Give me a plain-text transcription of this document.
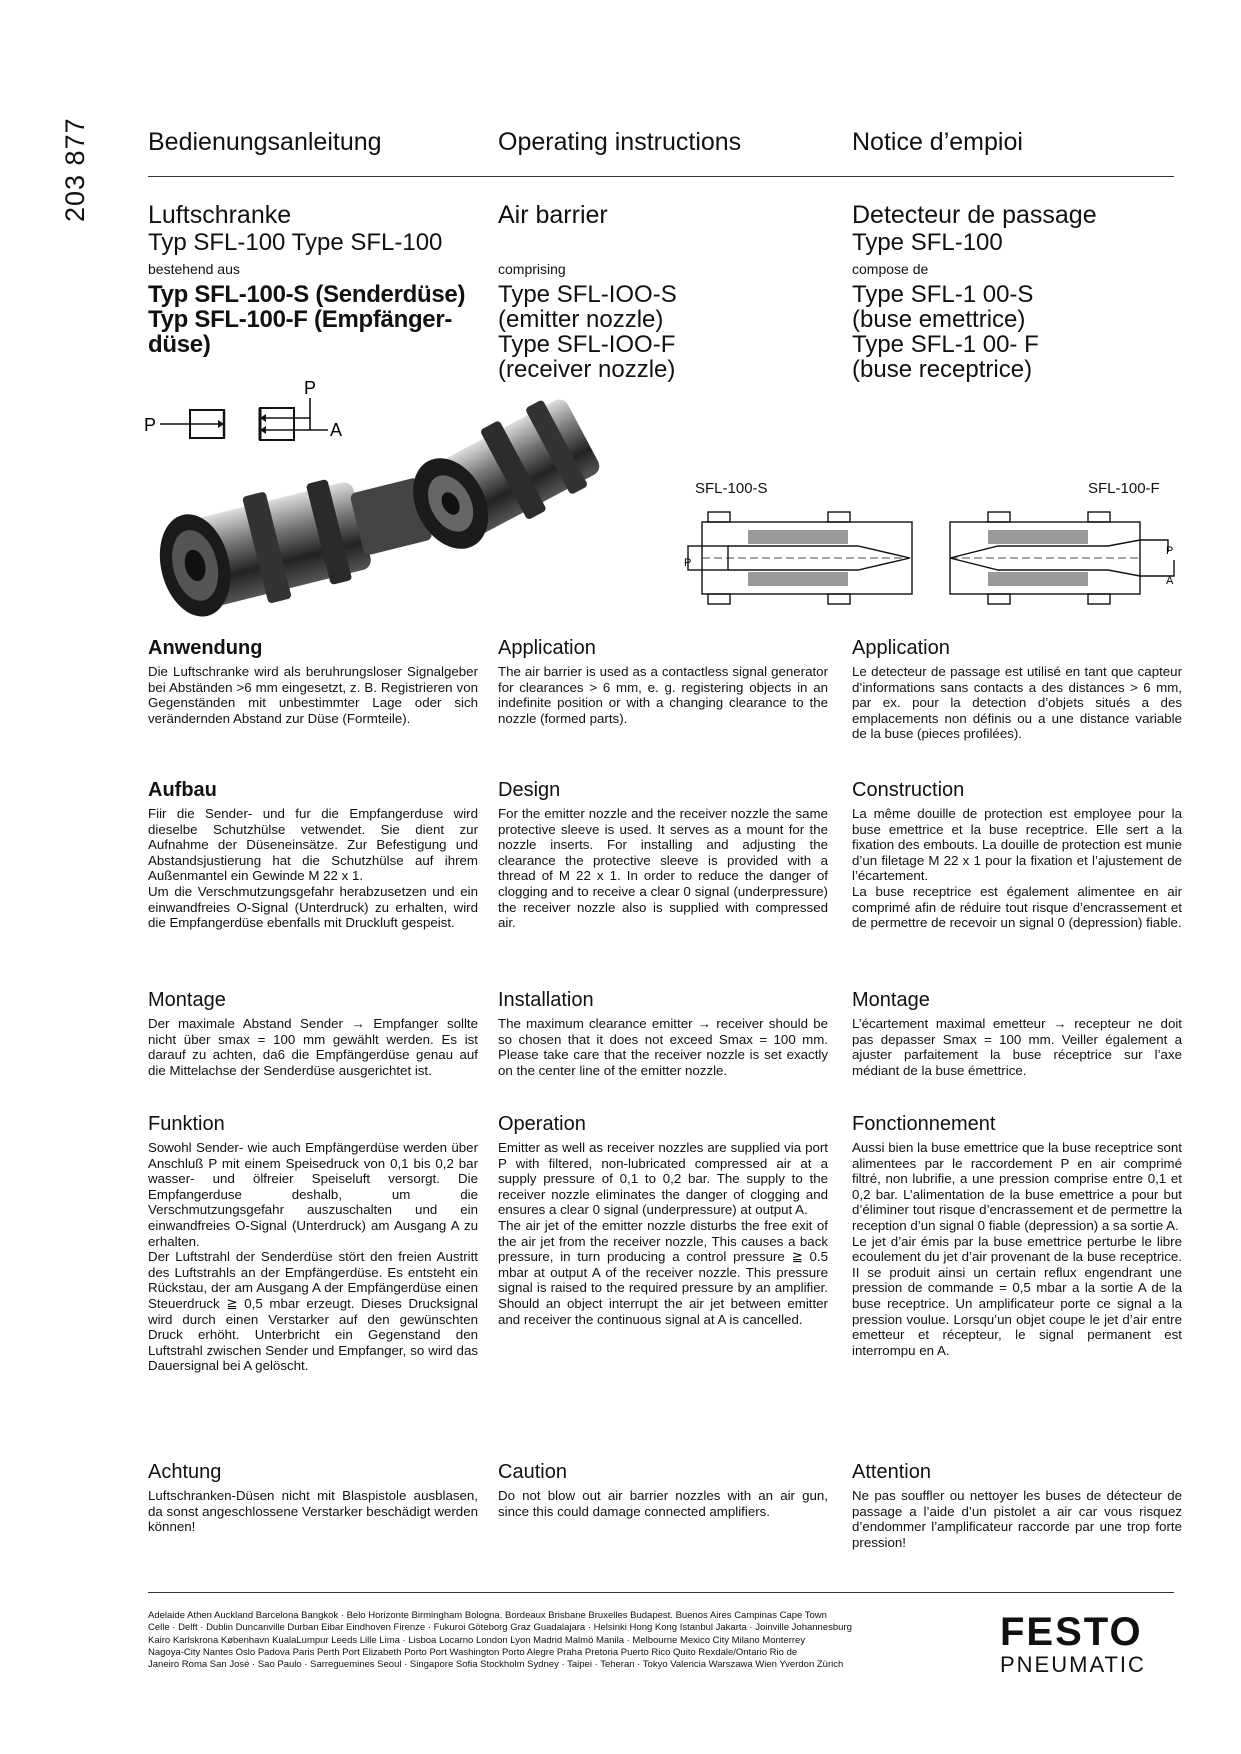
203 877 Bedienungsanleitung	Operating instructions	Notice d’empioi
Luftschranke
Typ SFL-100 Type SFL-100
bestehend aus
Typ SFL-100-S (Senderdüse)
Typ SFL-100-F (Empfänger-
düse)
Air barrier
comprising
Type SFL-IOO-S
(emitter nozzle)
Type SFL-IOO-F
(receiver nozzle)
Detecteur de passage
Type SFL-100
compose de
Type SFL-1 00-S
(buse emettrice)
Type SFL-1 00- F
(buse receptrice)
P
P
A
SFL-100-S	SFL-100-F
P
P
A
Anwendung

Die Luftschranke wird als beruhrungsloser Signalgeber bei Abständen >6 mm eingesetzt, z. B. Registrieren von Gegenständen mit unbestimmter Lage oder sich verändernden Abstand zur Düse (Formteile).

Application

The air barrier is used as a contactless signal generator for clearances > 6 mm, e. g. registering objects in an indefinite position or with a changing clearance to the nozzle (formed parts).

Application

Le detecteur de passage est utilisé en tant que capteur d’informations sans contacts a des distances > 6 mm, par ex. pour la detection d’objets situés a des emplacements non définis ou a une distance variable de la buse (pieces profilées).

Aufbau

Fiir die Sender- und fur die Empfangerduse wird dieselbe Schutzhülse vetwendet. Sie dient zur Aufnahme der Düseneinsätze. Zur Befestigung und Abstandsjustierung hat die Schutzhülse auf ihrem Außenmantel ein Gewinde M 22 x 1.

Um die Verschmutzungsgefahr herabzusetzen und ein einwandfreies O-Signal (Unterdruck) zu erhalten, wird die Empfangerdüse ebenfalls mit Druckluft gespeist.

Design

For the emitter nozzle and the receiver nozzle the same protective sleeve is used. It serves as a mount for the nozzle inserts. For installing and adjusting the clearance the protective sleeve is provided with a thread of M 22 x 1. In order to reduce the danger of clogging and to receive a clear 0 signal (underpressure) the receiver nozzle also is supplied with compressed air.

Construction

La même douille de protection est employee pour la buse emettrice et la buse receptrice. Elle sert a la fixation des embouts. La douille de protection est munie d’un filetage M 22 x 1 pour la fixation et l’ajustement de l’écartement.

La buse receptrice est également alimentee en air comprimé afin de réduire tout risque d’encrassement et de permettre de recevoir un signal 0 (depression) fiable.

Montage

Der maximale Abstand Sender → Empfanger sollte nicht über smax = 100 mm gewählt werden. Es ist darauf zu achten, da6 die Empfängerdüse genau auf die Mittelachse der Senderdüse ausgerichtet ist.

Installation

The maximum clearance emitter → receiver should be so chosen that it does not exceed Smax = 100 mm. Please take care that the receiver nozzle is set exactly on the center line of the emitter nozzle.

Montage

L’écartement maximal emetteur → recepteur ne doit pas depasser Smax = 100 mm. Veiller également a ajuster parfaitement la buse réceptrice sur l’axe médiant de la buse émettrice.

Funktion

Sowohl Sender- wie auch Empfängerdüse werden über Anschluß P mit einem Speisedruck von 0,1 bis 0,2 bar wasser- und ölfreier Speiseluft versorgt. Die Empfangerduse deshalb, um die Verschmutzungsgefahr auszuschalten und ein einwandfreies O-Signal (Unterdruck) am Ausgang A zu erhalten.

Der Luftstrahl der Senderdüse stört den freien Austritt des Luftstrahls an der Empfängerdüse. Es entsteht ein Rückstau, der am Ausgang A der Empfängerdüse einen Steuerdruck ≧ 0,5 mbar erzeugt. Dieses Drucksignal wird durch einen Verstarker auf den gewünschten Druck erhöht. Unterbricht ein Gegenstand den Luftstrahl zwischen Sender und Empfanger, so wird das Dauersignal bei A gelöscht.

Operation

Emitter as well as receiver nozzles are supplied via port P with filtered, non-lubricated compressed air at a supply pressure of 0,1 to 0,2 bar. The supply to the receiver nozzle eliminates the danger of clogging and ensures a clear 0 signal (underpressure) at output A.

The air jet of the emitter nozzle disturbs the free exit of the air jet from the receiver nozzle, This causes a back pressure, in turn producing a control pressure ≧ 0.5 mbar at output A of the receiver nozzle. This pressure signal is raised to the required pressure by an amplifier. Should an object interrupt the air jet between emitter and receiver the continuous signal at A is cancelled.

Fonctionnement

Aussi bien la buse emettrice que la buse receptrice sont alimentees par le raccordement P en air comprimé filtré, non lubrifie, a une pression comprise entre 0,1 et 0,2 bar. L’alimentation de la buse emettrice a pour but d’éliminer tout risque d’encrassement et de permettre la reception d’un signal 0 fiable (depression) a sa sortie A.

Le jet d’air émis par la buse emettrice perturbe le libre ecoulement du jet d’air provenant de la buse receptrice. II se produit ainsi un certain reflux engendrant une pression de commande = 0,5 mbar a la sortie A de la buse receptrice. Un amplificateur porte ce signal a la pression voulue. Lorsqu’un objet coupe le jet d’air entre emetteur et récepteur, le signal permanent est interrompu en A.

Achtung

Luftschranken-Düsen nicht mit Blaspistole ausblasen, da sonst angeschlossene Verstarker beschädigt werden können!

Caution

Do not blow out air barrier nozzles with an air gun, since this could damage connected amplifiers.

Attention

Ne pas souffler ou nettoyer les buses de détecteur de passage a l’aide d’un pistolet a air car vous risquez d’endommer l’amplificateur raccorde par une trop forte pression!

Adelaide Athen Auckland Barcelona Bangkok · Belo Horizonte Birmingham Bologna. Bordeaux Brisbane Bruxelles Budapest. Buenos Aires Campinas Cape Town
Celle · Delft · Dublin Duncanville Durban Eibar Eindhoven Firenze · Fukuroi Göteborg Graz Guadalajara · Helsinki Hong Kong Istanbul Jakarta · Joinville Johannesburg
Kairo Karlskrona København KualaLumpur Leeds Lille Lima · Lisboa Locarno London Lyon Madrid Malmö Manila · Melbourne Mexico City Milano Monterrey
Nagoya-City Nantes Oslo Padova Paris Perth Port Elizabeth Porto Port Washington Porto Alegre Praha Pretoria Puerto Rico Quito Rexdale/Ontario Rio de
Janeiro Roma San José · Sao Paulo · Sarreguemines Seoul · Singapore Sofia Stockholm Sydney · Taipei · Teheran · Tokyo Valencia Warszawa Wien Yverdon Zürich
FESTO
PNEUMATIC
